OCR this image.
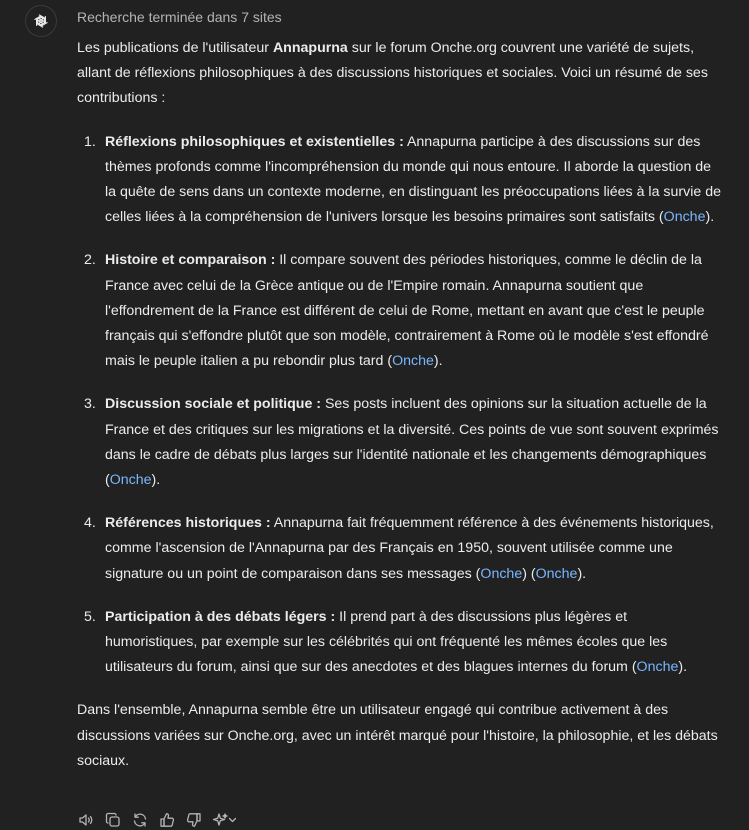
Recherche terminée dans 7 sites

Les publications de l'utilisateur Annapurna sur le forum Onche.org couvrent une variété de sujets, allant de réflexions philosophiques à des discussions historiques et sociales. Voici un résumé de ses contributions :

1. Réflexions philosophiques et existentielles : Annapurna participe à des discussions sur des thèmes profonds comme l'incompréhension du monde qui nous entoure. Il aborde la question de la quête de sens dans un contexte moderne, en distinguant les préoccupations liées à la survie de celles liées à la compréhension de l'univers lorsque les besoins primaires sont satisfaits (Onche).
2. Histoire et comparaison : Il compare souvent des périodes historiques, comme le déclin de la France avec celui de la Grèce antique ou de l'Empire romain. Annapurna soutient que l'effondrement de la France est différent de celui de Rome, mettant en avant que c'est le peuple français qui s'effondre plutôt que son modèle, contrairement à Rome où le modèle s'est effondré mais le peuple italien a pu rebondir plus tard (Onche).
3. Discussion sociale et politique : Ses posts incluent des opinions sur la situation actuelle de la France et des critiques sur les migrations et la diversité. Ces points de vue sont souvent exprimés dans le cadre de débats plus larges sur l'identité nationale et les changements démographiques (Onche).
4. Références historiques : Annapurna fait fréquemment référence à des événements historiques, comme l'ascension de l'Annapurna par des Français en 1950, souvent utilisée comme une signature ou un point de comparaison dans ses messages (Onche) (Onche).
5. Participation à des débats légers : Il prend part à des discussions plus légères et humoristiques, par exemple sur les célébrités qui ont fréquenté les mêmes écoles que les utilisateurs du forum, ainsi que sur des anecdotes et des blagues internes du forum (Onche).

Dans l'ensemble, Annapurna semble être un utilisateur engagé qui contribue activement à des discussions variées sur Onche.org, avec un intérêt marqué pour l'histoire, la philosophie, et les débats sociaux.
